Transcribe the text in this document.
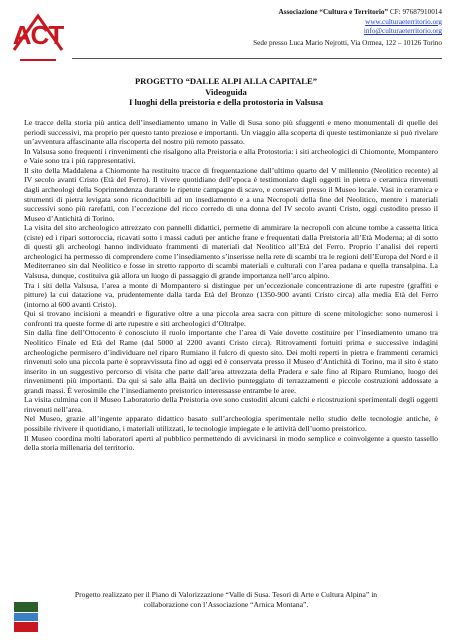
ACT
Associazione “Cultura e Territorio” CF: 97687910014
www.culturaeterritorio.org
info@culturaeterritorio.org
Sede presso Luca Mario Nejrotti, Via Ormea, 122 – 10126 Torino
PROGETTO “DALLE ALPI ALLA CAPITALE”
Videoguida
I luoghi della preistoria e della protostoria in Valsusa

Le tracce della storia più antica dell’insediamento umano in Valle di Susa sono più sfuggenti e meno monumentali di quelle dei periodi successivi, ma proprio per questo tanto preziose e importanti. Un viaggio alla scoperta di queste testimonianze si può rivelare un’avventura affascinante alla riscoperta del nostro più remoto passato.

In Valsusa sono frequenti i rinvenimenti che risalgono alla Preistoria e alla Protostoria: i siti archeologici di Chiomonte, Mompantero e Vaie sono tra i più rappresentativi.

Il sito della Maddalena a Chiomonte ha restituito tracce di frequentazione dall’ultimo quarto del V millennio (Neolitico recente) al IV secolo avanti Cristo (Età del Ferro). Il vivere quotidiano dell’epoca è testimoniato dagli oggetti in pietra e ceramica rinvenuti dagli archeologi della Soprintendenza durante le ripetute campagne di scavo, e conservati presso il Museo locale. Vasi in ceramica e strumenti di pietra levigata sono riconducibili ad un insediamento e a una Necropoli della fine del Neolitico, mentre i materiali successivi sono più rarefatti, con l’eccezione del ricco corredo di una donna del IV secolo avanti Cristo, oggi custodito presso il Museo d’Antichità di Torino.

La visita del sito archeologico attrezzato con pannelli didattici, permette di ammirare la necropoli con alcune tombe a cassetta litica (ciste) ed i ripari sottoroccia, ricavati sotto i massi caduti per antiche frane e frequentati dalla Preistoria all’Età Moderna; al di sotto di questi gli archeologi hanno individuato frammenti di materiali dal Neolitico all’Età del Ferro. Proprio l’analisi dei reperti archeologici ha permesso di comprendere come l’insediamento s’inserisse nella rete di scambi tra le regioni dell’Europa del Nord e il Mediterraneo sin dal Neolitico e fosse in stretto rapporto di scambi materiali e culturali con l’area padana e quella transalpina. La Valsusa, dunque, costituiva già allora un luogo di passaggio di grande importanza nell’arco alpino.

Tra i siti della Valsusa, l’area a monte di Mompantero si distingue per un’eccezionale concentrazione di arte rupestre (graffiti e pitture) la cui datazione va, prudentemente dalla tarda Età del Bronzo (1350-900 avanti Cristo circa) alla media Età del Ferro (intorno al 600 avanti Cristo).

Qui si trovano incisioni a meandri e figurative oltre a una piccola area sacra con pitture di scene mitologiche: sono numerosi i confronti tra queste forme di arte rupestre e siti archeologici d’Oltralpe.

Sin dalla fine dell’Ottocento è conosciuto il ruolo importante che l’area di Vaie dovette costituire per l’insediamento umano tra Neolitico Finale ed Età del Rame (dal 5000 al 2200 avanti Cristo circa). Ritrovamenti fortuiti prima e successive indagini archeologiche permisero d’individuare nel riparo Rumiano il fulcro di questo sito. Dei molti reperti in pietra e frammenti ceramici rinvenuti solo una piccola parte è sopravvissuta fino ad oggi ed è conservata presso il Museo d’Antichità di Torino, ma il sito è stato inserito in un suggestivo percorso di visita che parte dall’area attrezzata della Pradera e sale fino al Riparo Rumiano, luogo dei rinvenimenti più importanti. Da qui si sale alla Baità un declivio punteggiato di terrazzamenti e piccole costruzioni addossate a grandi massi. È verosimile che l’insediamento preistorico interessasse entrambe le aree.

La visita culmina con il Museo Laboratorio della Preistoria ove sono custoditi alcuni calchi e ricostruzioni sperimentali degli oggetti rinvenuti nell’area.

Nel Museo, grazie all’ingente apparato didattico basato sull’archeologia sperimentale nello studio delle tecnologie antiche, è possibile rivivere il quotidiano, i materiali utilizzati, le tecnologie impiegate e le attività dell’uomo preistorico.

Il Museo coordina molti laboratori aperti al pubblico permettendo di avvicinarsi in modo semplice e coinvolgente a questo tassello della storia millenaria del territorio.

Progetto realizzato per il Piano di Valorizzazione “Valle di Susa. Tesori di Arte e Cultura Alpina” in
collaborazione con l’Associazione “Arnica Montana”.
